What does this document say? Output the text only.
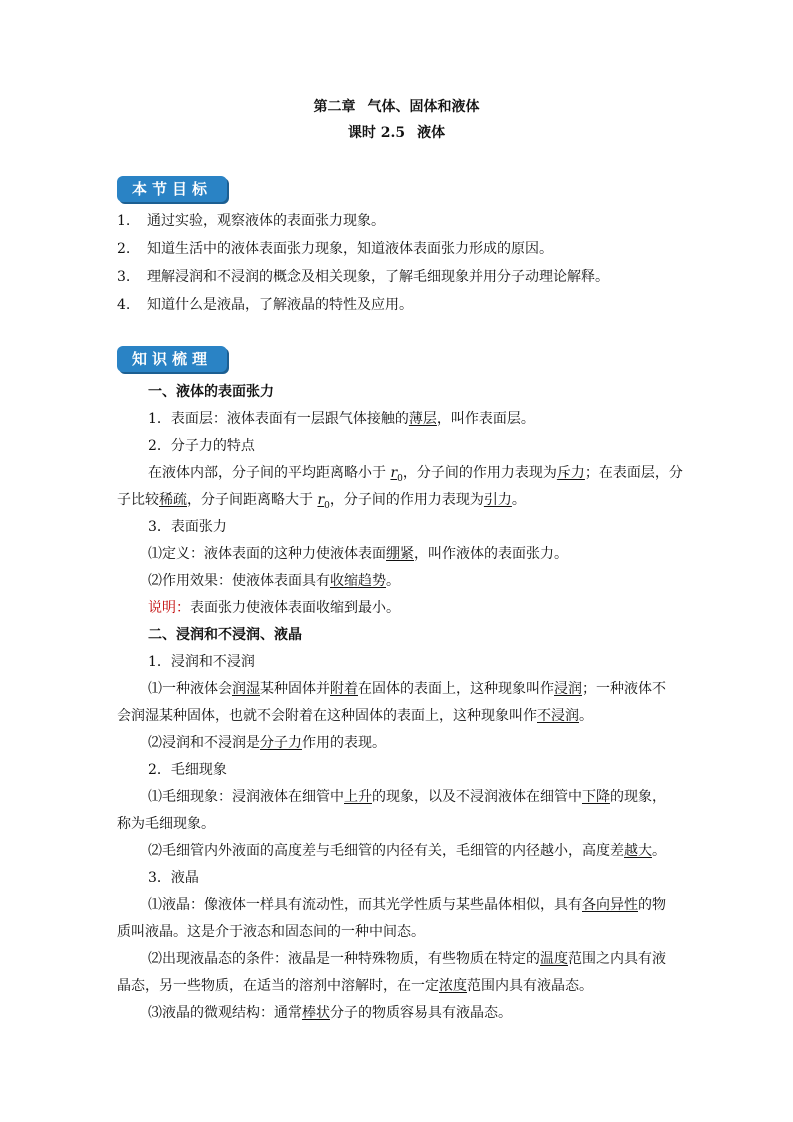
第二章 气体、固体和液体
课时 2.5 液体
本节目标
1.	通过实验，观察液体的表面张力现象。
2.	知道生活中的液体表面张力现象，知道液体表面张力形成的原因。
3.	理解浸润和不浸润的概念及相关现象，了解毛细现象并用分子动理论解释。
4.	知道什么是液晶，了解液晶的特性及应用。
知识梳理
一、液体的表面张力
1．表面层：液体表面有一层跟气体接触的薄层，叫作表面层。
2．分子力的特点
在液体内部，分子间的平均距离略小于 $r_0$，分子间的作用力表现为斥力；在表面层，分
子比较稀疏，分子间距离略大于 $r_0$，分子间的作用力表现为引力。
3．表面张力
⑴定义：液体表面的这种力使液体表面绷紧，叫作液体的表面张力。
⑵作用效果：使液体表面具有收缩趋势。
说明：表面张力使液体表面收缩到最小。
二、浸润和不浸润、液晶
1．浸润和不浸润
⑴一种液体会润湿某种固体并附着在固体的表面上，这种现象叫作浸润；一种液体不
会润湿某种固体，也就不会附着在这种固体的表面上，这种现象叫作不浸润。
⑵浸润和不浸润是分子力作用的表现。
2．毛细现象
⑴毛细现象：浸润液体在细管中上升的现象，以及不浸润液体在细管中下降的现象，
称为毛细现象。
⑵毛细管内外液面的高度差与毛细管的内径有关，毛细管的内径越小，高度差越大。
3．液晶
⑴液晶：像液体一样具有流动性，而其光学性质与某些晶体相似，具有各向异性的物
质叫液晶。这是介于液态和固态间的一种中间态。
⑵出现液晶态的条件：液晶是一种特殊物质，有些物质在特定的温度范围之内具有液
晶态，另一些物质，在适当的溶剂中溶解时，在一定浓度范围内具有液晶态。
⑶液晶的微观结构：通常棒状分子的物质容易具有液晶态。
